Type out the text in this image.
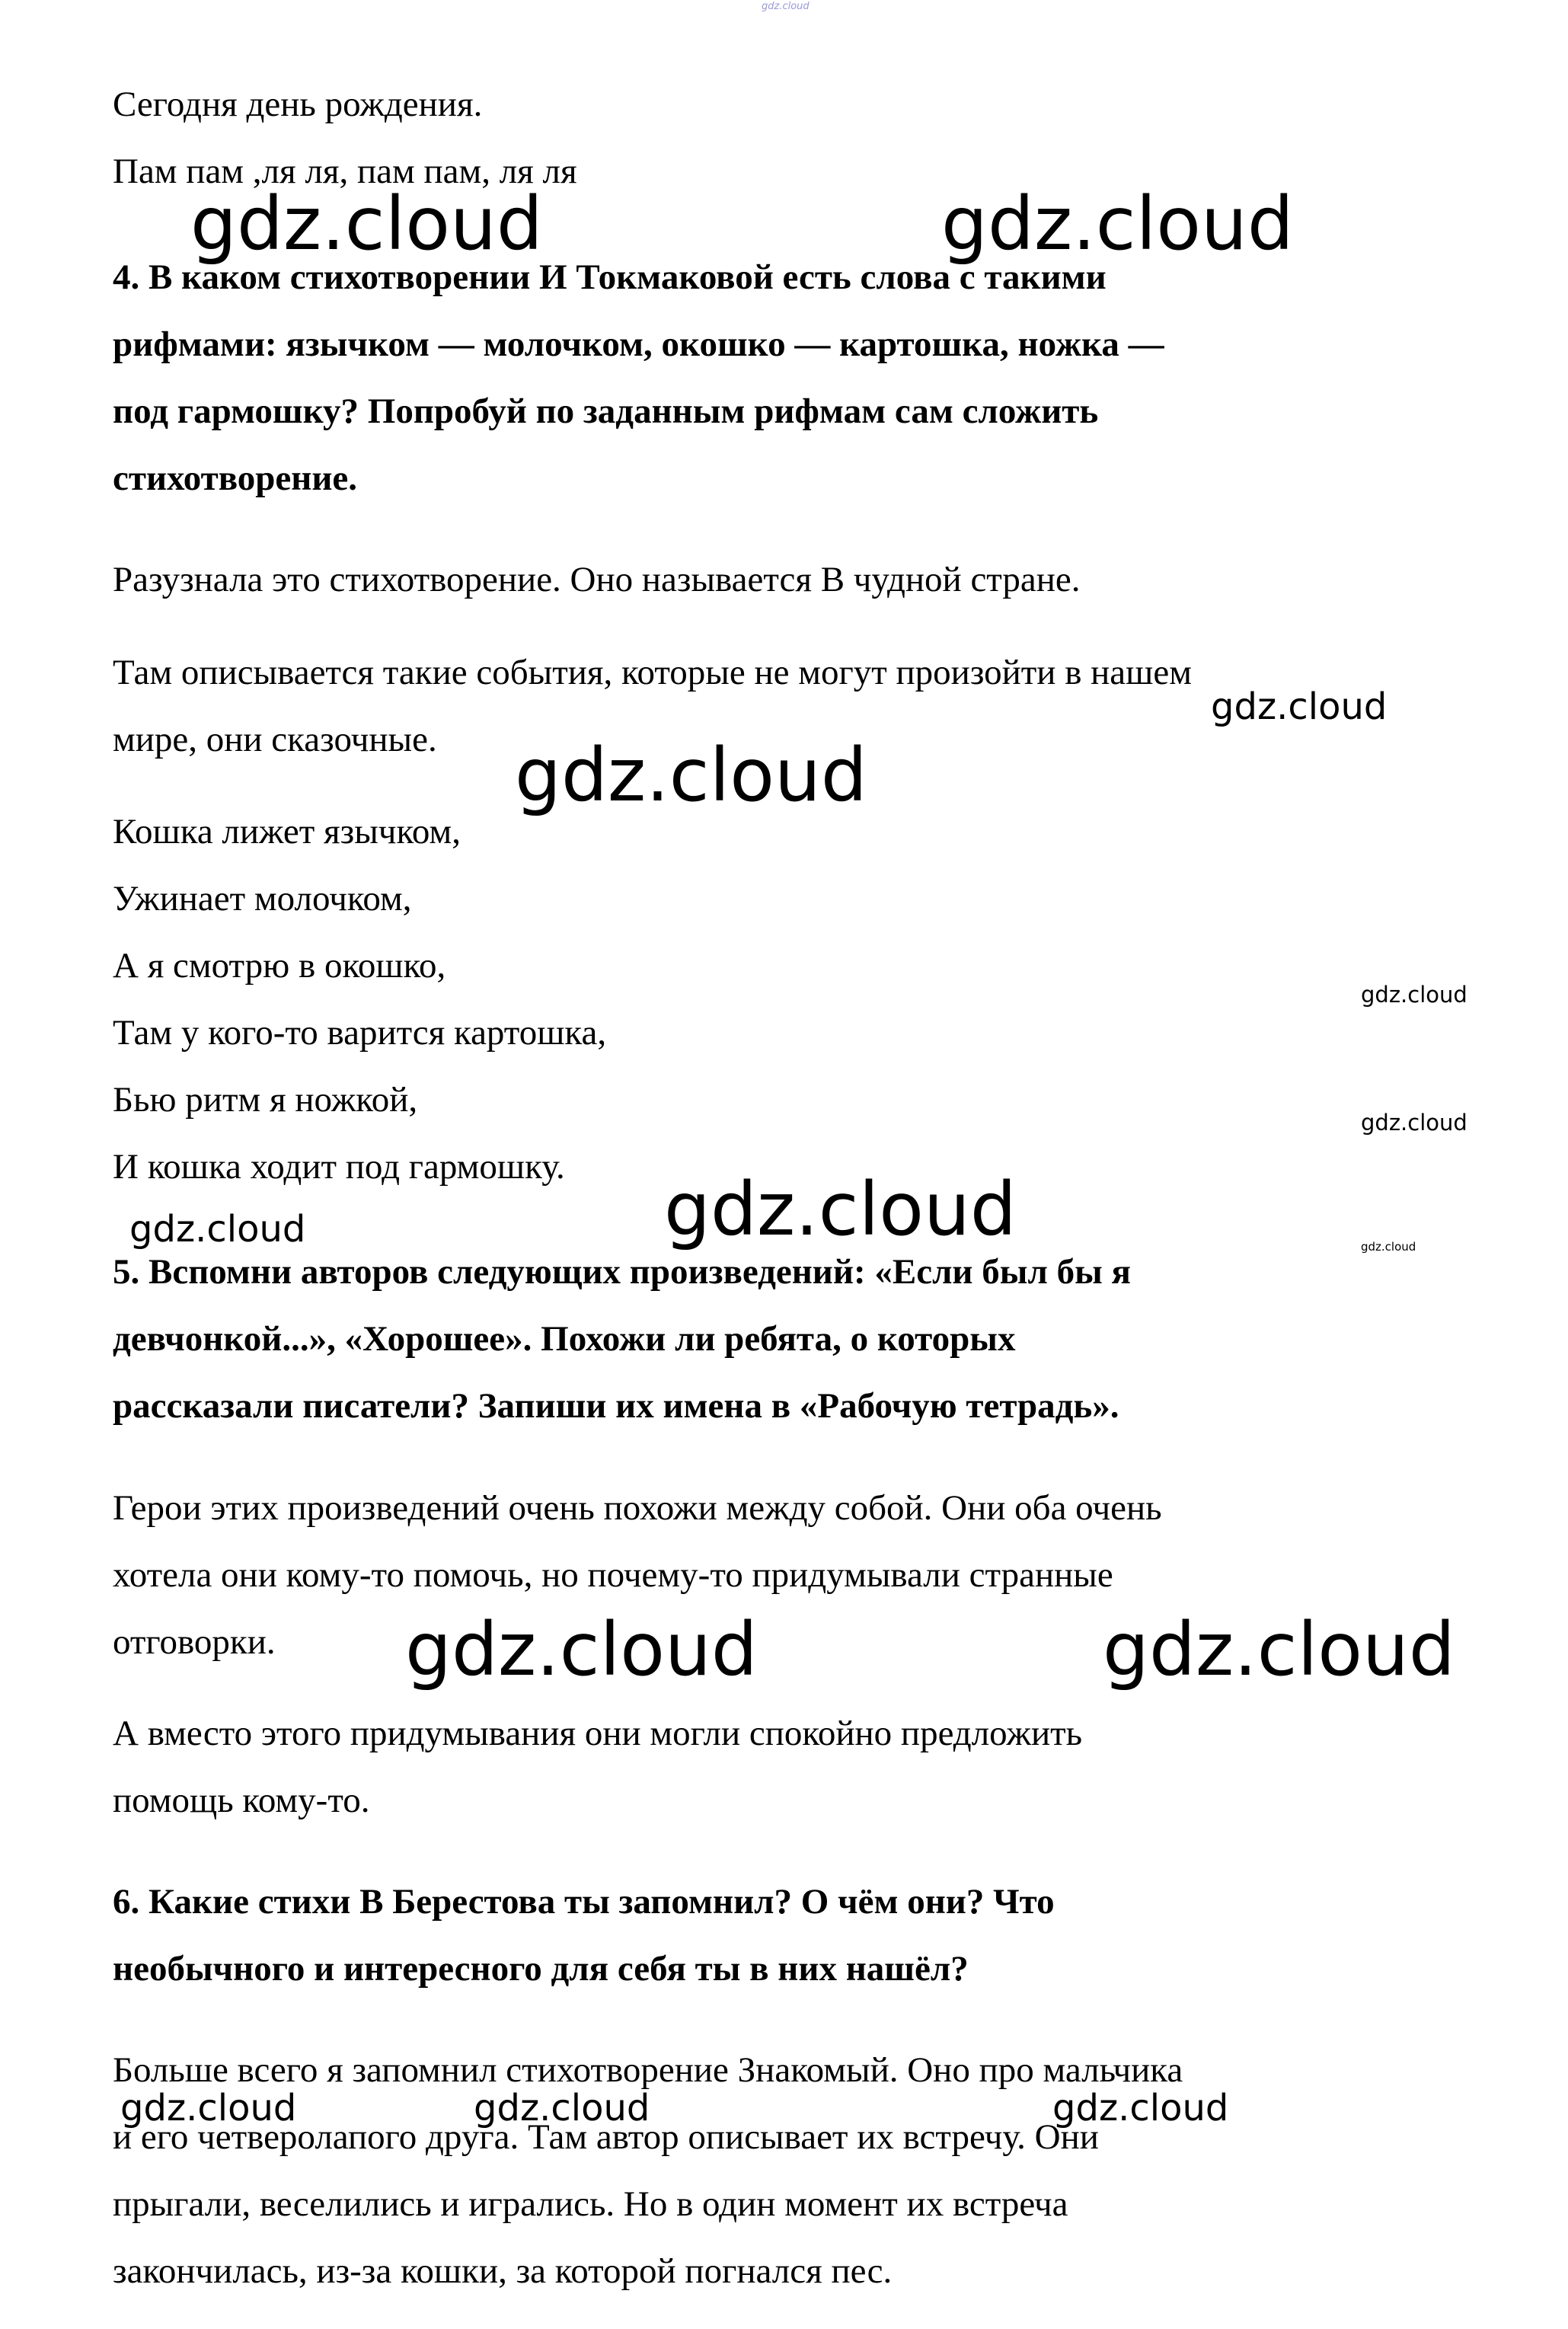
gdz.cloud
gdz.cloud	gdz.cloud
gdz.cloud
gdz.cloud
gdz.cloud
gdz.cloud
gdz.cloud
gdz.cloud	gdz.cloud
gdz.cloud	gdz.cloud
gdz.cloud	gdz.cloud	gdz.cloud
Сегодня день рождения.
Пам пам ,ля ля, пам пам, ля ля
4. В каком стихотворении И Токмаковой есть слова с такими
рифмами: язычком — молочком, окошко — картошка, ножка —
под гармошку? Попробуй по заданным рифмам сам сложить
стихотворение.
Разузнала это стихотворение. Оно называется В чудной стране.
Там описывается такие события, которые не могут произойти в нашем
мире, они сказочные.
Кошка лижет язычком,
Ужинает молочком,
А я смотрю в окошко,
Там у кого-то варится картошка,
Бью ритм я ножкой,
И кошка ходит под гармошку.
5. Вспомни авторов следующих произведений: «Если был бы я
девчонкой...», «Хорошее». Похожи ли ребята, о которых
рассказали писатели? Запиши их имена в «Рабочую тетрадь».
Герои этих произведений очень похожи между собой. Они оба очень
хотела они кому-то помочь, но почему-то придумывали странные
отговорки.
А вместо этого придумывания они могли спокойно предложить
помощь кому-то.
6. Какие стихи В Берестова ты запомнил? О чём они? Что
необычного и интересного для себя ты в них нашёл?
Больше всего я запомнил стихотворение Знакомый. Оно про мальчика
и его четверолапого друга. Там автор описывает их встречу. Они
прыгали, веселились и игрались. Но в один момент их встреча
закончилась, из-за кошки, за которой погнался пес.
